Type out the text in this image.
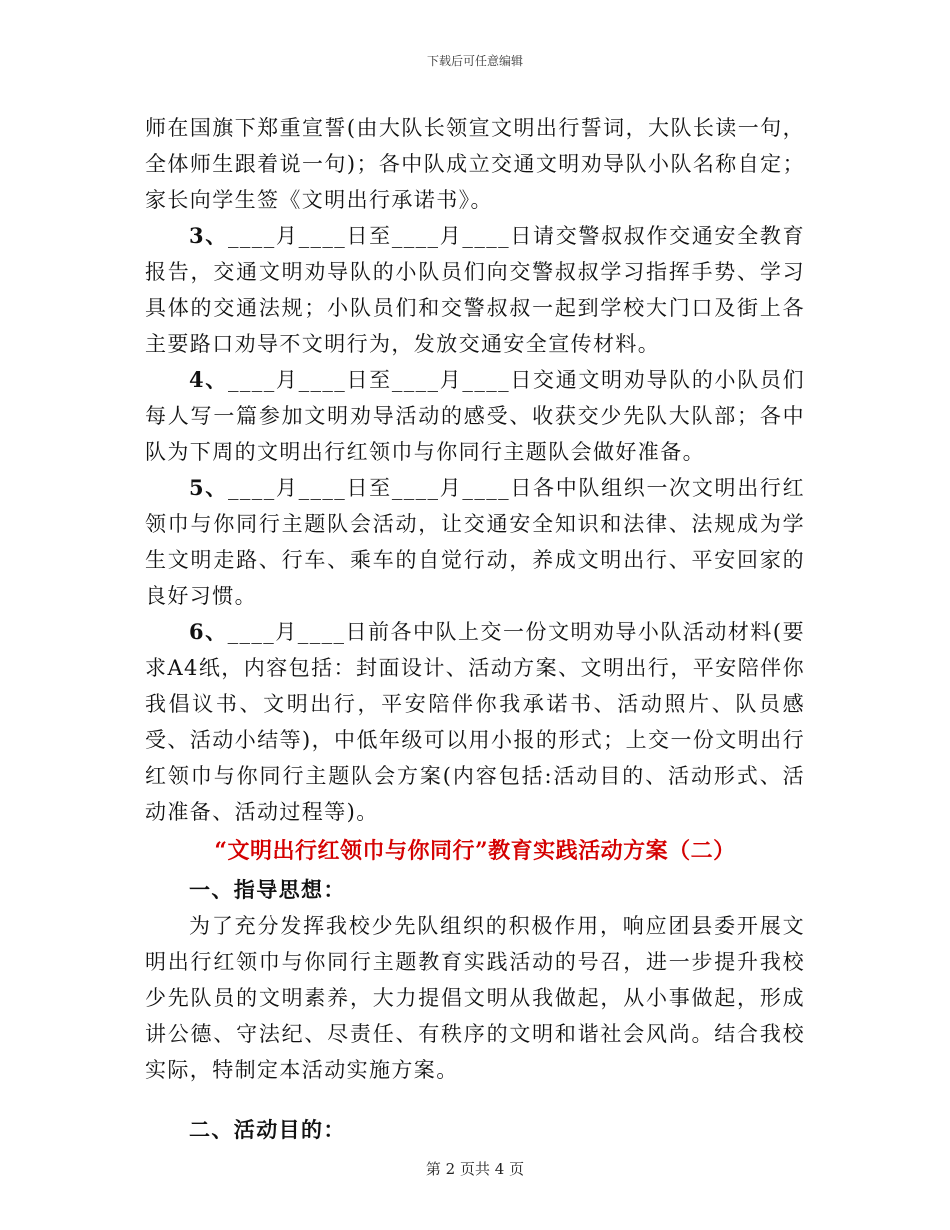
下载后可任意编辑

师在国旗下郑重宣誓(由大队长领宣文明出行誓词，大队长读一句，全体师生跟着说一句)；各中队成立交通文明劝导队小队名称自定；家长向学生签《文明出行承诺书》。

3、____月____日至____月____日请交警叔叔作交通安全教育报告，交通文明劝导队的小队员们向交警叔叔学习指挥手势、学习具体的交通法规；小队员们和交警叔叔一起到学校大门口及街上各主要路口劝导不文明行为，发放交通安全宣传材料。

4、____月____日至____月____日交通文明劝导队的小队员们每人写一篇参加文明劝导活动的感受、收获交少先队大队部；各中队为下周的文明出行红领巾与你同行主题队会做好准备。

5、____月____日至____月____日各中队组织一次文明出行红领巾与你同行主题队会活动，让交通安全知识和法律、法规成为学生文明走路、行车、乘车的自觉行动，养成文明出行、平安回家的良好习惯。

6、____月____日前各中队上交一份文明劝导小队活动材料(要求A4纸，内容包括：封面设计、活动方案、文明出行，平安陪伴你我倡议书、文明出行，平安陪伴你我承诺书、活动照片、队员感受、活动小结等)，中低年级可以用小报的形式；上交一份文明出行红领巾与你同行主题队会方案(内容包括:活动目的、活动形式、活动准备、活动过程等)。

“文明出行红领巾与你同行”教育实践活动方案（二）

一、指导思想：

为了充分发挥我校少先队组织的积极作用，响应团县委开展文明出行红领巾与你同行主题教育实践活动的号召，进一步提升我校少先队员的文明素养，大力提倡文明从我做起，从小事做起，形成讲公德、守法纪、尽责任、有秩序的文明和谐社会风尚。结合我校实际，特制定本活动实施方案。

二、活动目的：

第 2 页共 4 页
